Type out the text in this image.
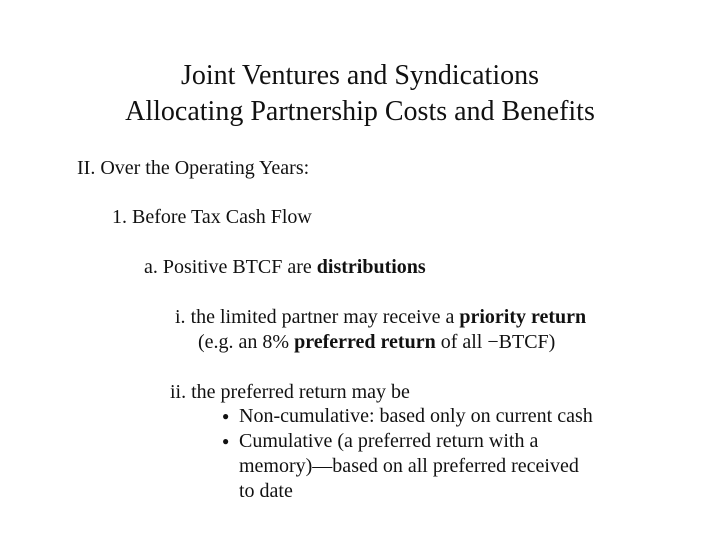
Joint Ventures and Syndications
Allocating Partnership Costs and Benefits
II. Over the Operating Years:
1. Before Tax Cash Flow
a. Positive BTCF are distributions
i. the limited partner may receive a priority return
(e.g. an 8% preferred return of all −BTCF)
ii. the preferred return may be
● Non-cumulative: based only on current cash
● Cumulative (a preferred return with a
memory)—based on all preferred received
to date
